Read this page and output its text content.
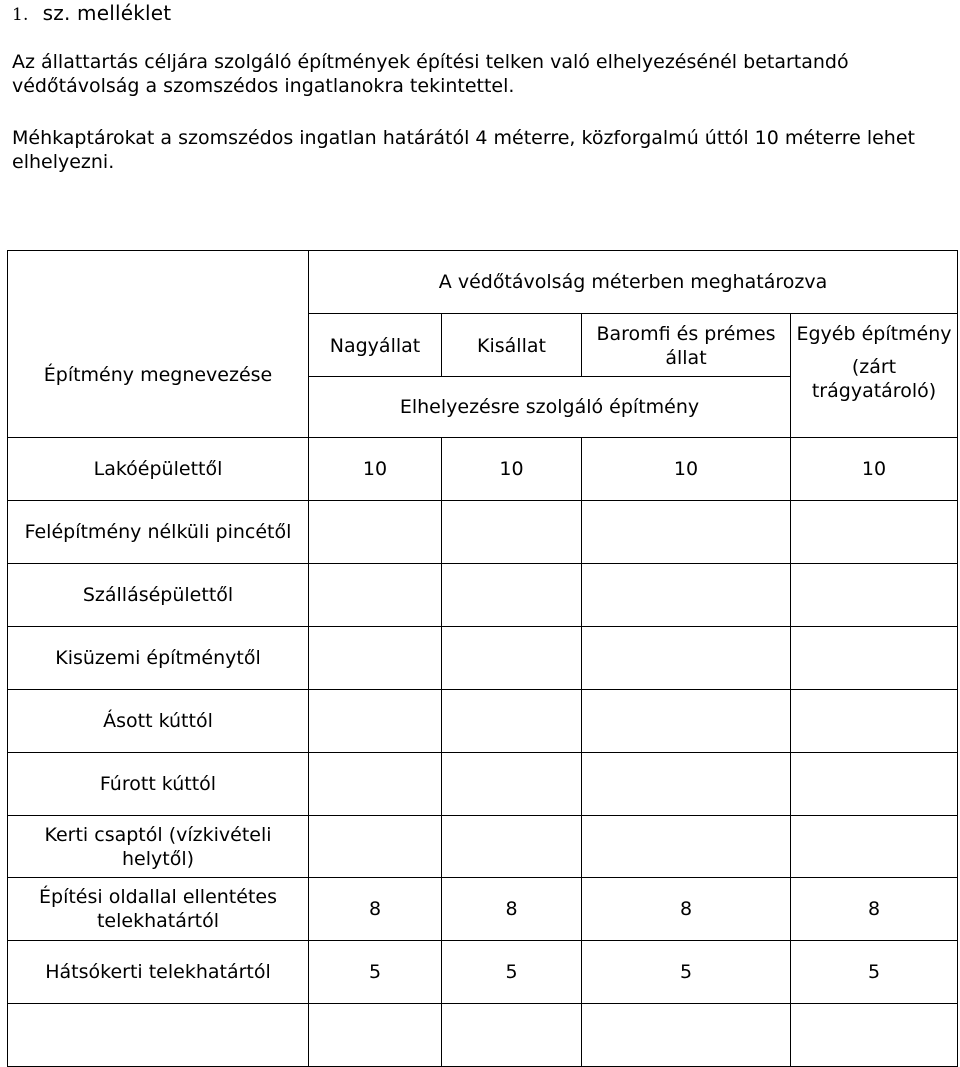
1. sz. melléklet
Az állattartás céljára szolgáló építmények építési telken való elhelyezésénél betartandó védőtávolság a szomszédos ingatlanokra tekintettel.
Méhkaptárokat a szomszédos ingatlan határától 4 méterre, közforgalmú úttól 10 méterre lehet elhelyezni.
	A védőtávolság méterben meghatározva			
Építmény megnevezése	Nagyállat	Kisállat	Baromfi és prémes állat	Egyéb építmény
(zárt trágyatároló)
	Elhelyezésre szolgáló építmény			
Lakóépülettől	10	10	10	10
Felépítmény nélküli pincétől				
Szállásépülettől				
Kisüzemi építménytől				
Ásott kúttól				
Fúrott kúttól				
Kerti csaptól (vízkivételi helytől)				
Építési oldallal ellentétes telekhatártól	8	8	8	8
Hátsókerti telekhatártól	5	5	5	5
